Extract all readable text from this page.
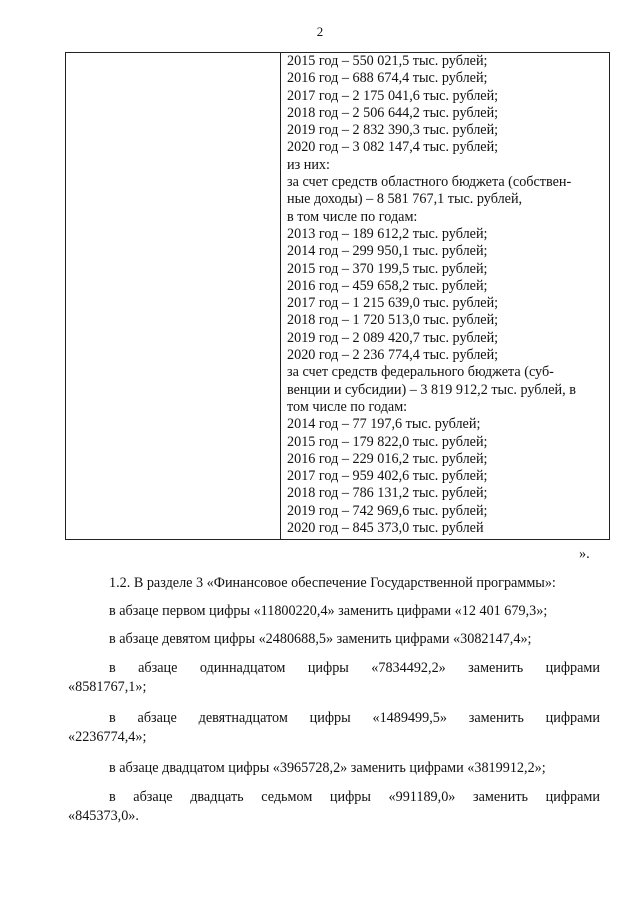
2

2015 год – 550 021,5 тыс. рублей;
2016 год – 688 674,4 тыс. рублей;
2017 год – 2 175 041,6 тыс. рублей;
2018 год – 2 506 644,2 тыс. рублей;
2019 год – 2 832 390,3 тыс. рублей;
2020 год – 3 082 147,4 тыс. рублей;
из них:
за счет средств областного бюджета (собствен-
ные доходы) – 8 581 767,1 тыс. рублей,
в том числе по годам:
2013 год – 189 612,2 тыс. рублей;
2014 год – 299 950,1 тыс. рублей;
2015 год – 370 199,5 тыс. рублей;
2016 год – 459 658,2 тыс. рублей;
2017 год – 1 215 639,0 тыс. рублей;
2018 год – 1 720 513,0 тыс. рублей;
2019 год – 2 089 420,7 тыс. рублей;
2020 год – 2 236 774,4 тыс. рублей;
за счет средств федерального бюджета (суб-
венции и субсидии) – 3 819 912,2 тыс. рублей, в
том числе по годам:
2014 год – 77 197,6 тыс. рублей;
2015 год – 179 822,0 тыс. рублей;
2016 год – 229 016,2 тыс. рублей;
2017 год – 959 402,6 тыс. рублей;
2018 год – 786 131,2 тыс. рублей;
2019 год – 742 969,6 тыс. рублей;
2020 год – 845 373,0 тыс. рублей
».
1.2. В разделе 3 «Финансовое обеспечение Государственной программы»:
в абзаце первом цифры «11800220,4» заменить цифрами «12 401 679,3»;
в абзаце девятом цифры «2480688,5» заменить цифрами «3082147,4»;
в абзаце одиннадцатом цифры «7834492,2» заменить цифрами
«8581767,1»;
в абзаце девятнадцатом цифры «1489499,5» заменить цифрами
«2236774,4»;
в абзаце двадцатом цифры «3965728,2» заменить цифрами «3819912,2»;
в абзаце двадцать седьмом цифры «991189,0» заменить цифрами
«845373,0».
